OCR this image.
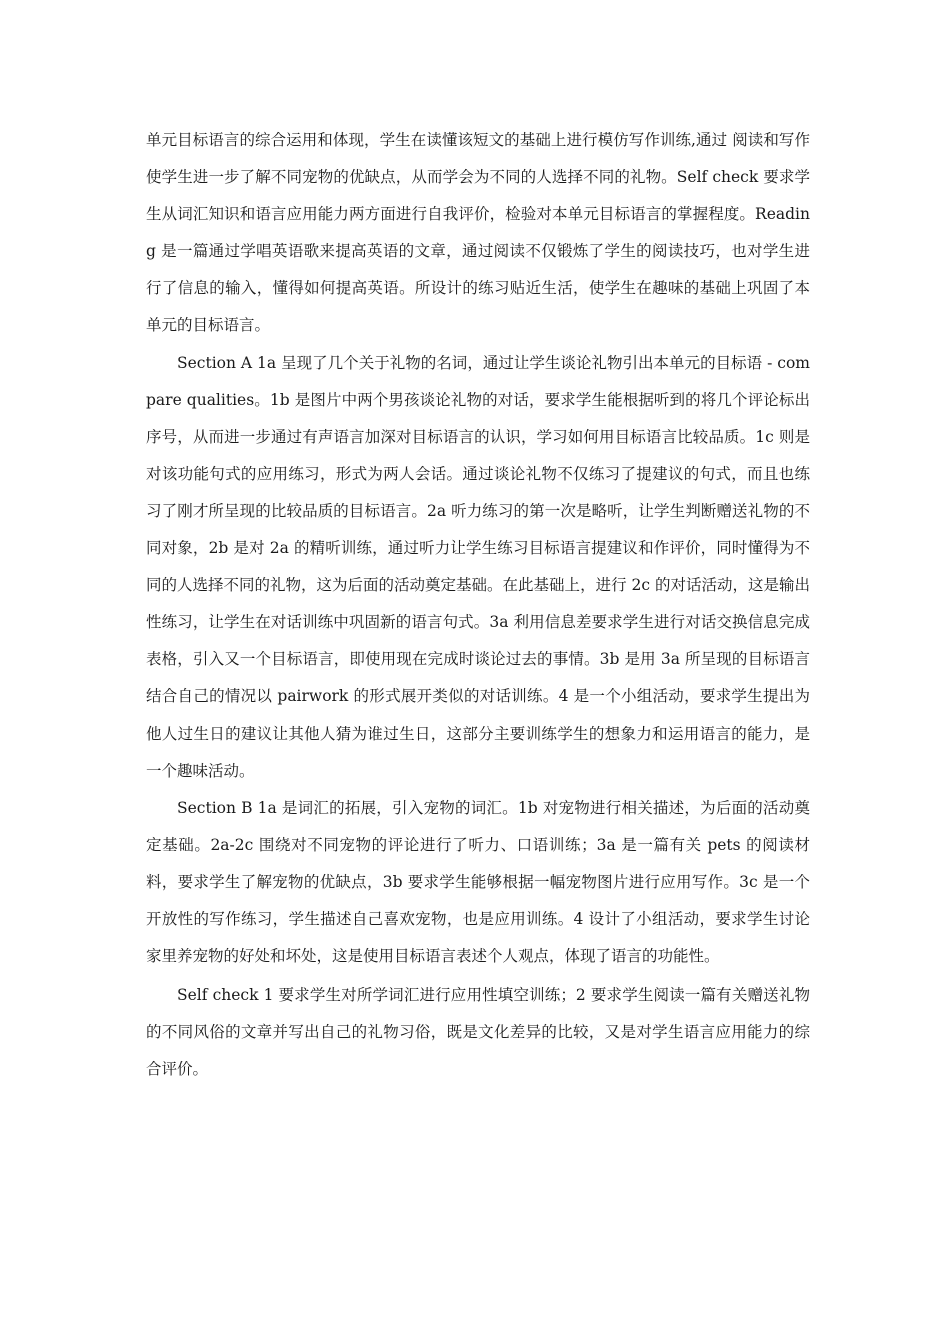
单元目标语言的综合运用和体现，学生在读懂该短文的基础上进行模仿写作训练,通过 阅读和写作使学生进一步了解不同宠物的优缺点，从而学会为不同的人选择不同的礼物。Self check 要求学生从词汇知识和语言应用能力两方面进行自我评价，检验对本单元目标语言的掌握程度。Reading 是一篇通过学唱英语歌来提高英语的文章，通过阅读不仅锻炼了学生的阅读技巧，也对学生进行了信息的输入，懂得如何提高英语。所设计的练习贴近生活，使学生在趣味的基础上巩固了本单元的目标语言。

Section A 1a 呈现了几个关于礼物的名词，通过让学生谈论礼物引出本单元的目标语 - compare qualities。1b 是图片中两个男孩谈论礼物的对话，要求学生能根据听到的将几个评论标出序号，从而进一步通过有声语言加深对目标语言的认识，学习如何用目标语言比较品质。1c 则是对该功能句式的应用练习，形式为两人会话。通过谈论礼物不仅练习了提建议的句式，而且也练习了刚才所呈现的比较品质的目标语言。2a 听力练习的第一次是略听，让学生判断赠送礼物的不同对象，2b 是对 2a 的精听训练，通过听力让学生练习目标语言提建议和作评价，同时懂得为不同的人选择不同的礼物，这为后面的活动奠定基础。在此基础上，进行 2c 的对话活动，这是输出性练习，让学生在对话训练中巩固新的语言句式。3a 利用信息差要求学生进行对话交换信息完成表格，引入又一个目标语言，即使用现在完成时谈论过去的事情。3b 是用 3a 所呈现的目标语言结合自己的情况以 pairwork 的形式展开类似的对话训练。4 是一个小组活动，要求学生提出为他人过生日的建议让其他人猜为谁过生日，这部分主要训练学生的想象力和运用语言的能力，是一个趣味活动。

Section B 1a 是词汇的拓展，引入宠物的词汇。1b 对宠物进行相关描述，为后面的活动奠定基础。2a-2c 围绕对不同宠物的评论进行了听力、口语训练；3a 是一篇有关 pets 的阅读材料，要求学生了解宠物的优缺点，3b 要求学生能够根据一幅宠物图片进行应用写作。3c 是一个开放性的写作练习，学生描述自己喜欢宠物，也是应用训练。4 设计了小组活动，要求学生讨论家里养宠物的好处和坏处，这是使用目标语言表述个人观点，体现了语言的功能性。

Self check 1 要求学生对所学词汇进行应用性填空训练；2 要求学生阅读一篇有关赠送礼物的不同风俗的文章并写出自己的礼物习俗，既是文化差异的比较，又是对学生语言应用能力的综合评价。
